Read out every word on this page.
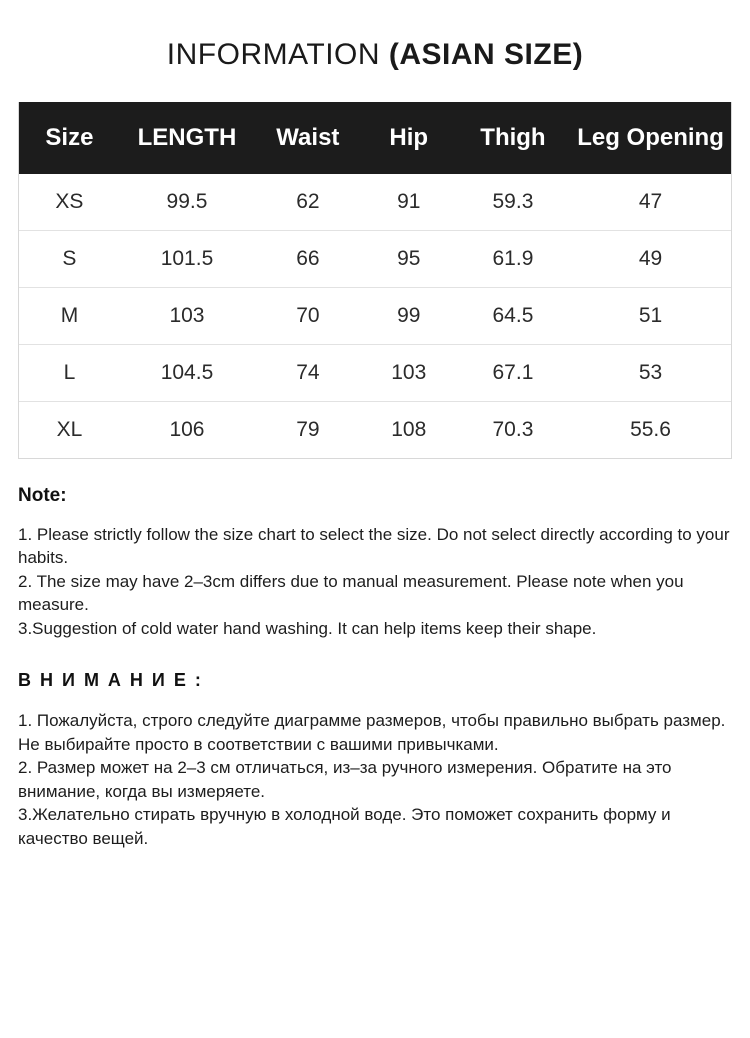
INFORMATION (ASIAN SIZE)
Size	LENGTH	Waist	Hip	Thigh	Leg Opening
XS	99.5	62	91	59.3	47
S	101.5	66	95	61.9	49
M	103	70	99	64.5	51
L	104.5	74	103	67.1	53
XL	106	79	108	70.3	55.6

Note:

1. Please strictly follow the size chart to select the size. Do not select directly according to your habits.

2. The size may have 2–3cm differs due to manual measurement. Please note when you measure.

3.Suggestion of cold water hand washing. It can help items keep their shape.

В Н И М А Н И Е :

1. Пожалуйста, строго следуйте диаграмме размеров, чтобы правильно выбрать размер. Не выбирайте просто в соответствии с вашими привычками.

2. Размер может на 2–3 см отличаться, из–за ручного измерения. Обратите на это внимание, когда вы измеряете.

3.Желательно стирать вручную в холодной воде. Это поможет сохранить форму и качество вещей.
